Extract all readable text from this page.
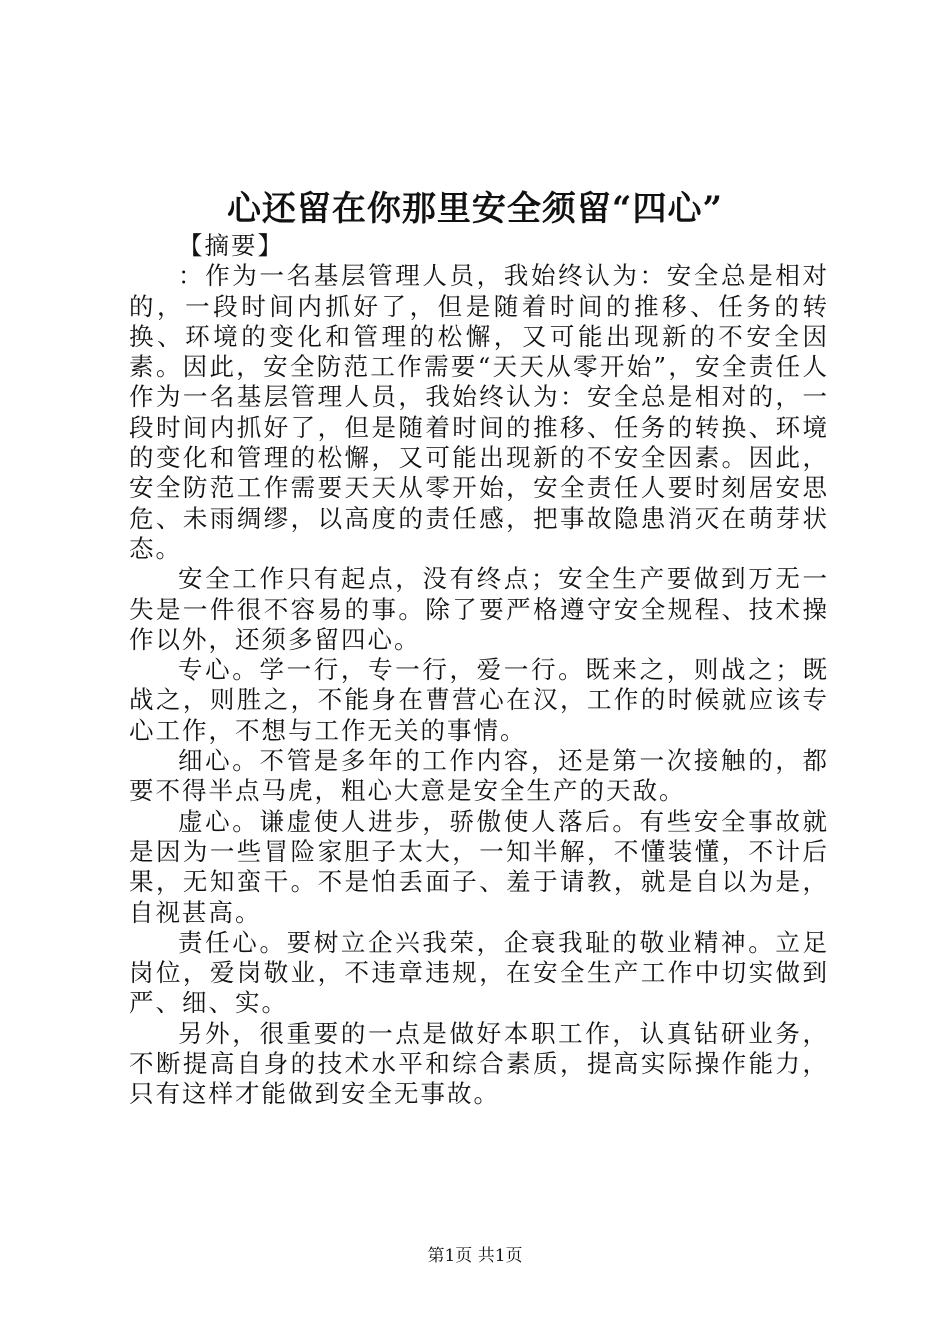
心还留在你那里安全须留“四心”

【摘要】

：作为一名基层管理人员，我始终认为：安全总是相对的，一段时间内抓好了，但是随着时间的推移、任务的转换、环境的变化和管理的松懈，又可能出现新的不安全因素。因此，安全防范工作需要“天天从零开始”，安全责任人作为一名基层管理人员，我始终认为：安全总是相对的，一段时间内抓好了，但是随着时间的推移、任务的转换、环境的变化和管理的松懈，又可能出现新的不安全因素。因此，安全防范工作需要天天从零开始，安全责任人要时刻居安思危、未雨绸缪，以高度的责任感，把事故隐患消灭在萌芽状态。

安全工作只有起点，没有终点；安全生产要做到万无一失是一件很不容易的事。除了要严格遵守安全规程、技术操作以外，还须多留四心。

专心。学一行，专一行，爱一行。既来之，则战之；既战之，则胜之，不能身在曹营心在汉，工作的时候就应该专心工作，不想与工作无关的事情。

细心。不管是多年的工作内容，还是第一次接触的，都要不得半点马虎，粗心大意是安全生产的天敌。

虚心。谦虚使人进步，骄傲使人落后。有些安全事故就是因为一些冒险家胆子太大，一知半解，不懂装懂，不计后果，无知蛮干。不是怕丢面子、羞于请教，就是自以为是，自视甚高。

责任心。要树立企兴我荣，企衰我耻的敬业精神。立足岗位，爱岗敬业，不违章违规，在安全生产工作中切实做到严、细、实。

另外，很重要的一点是做好本职工作，认真钻研业务，不断提高自身的技术水平和综合素质，提高实际操作能力，只有这样才能做到安全无事故。

第1页 共1页
